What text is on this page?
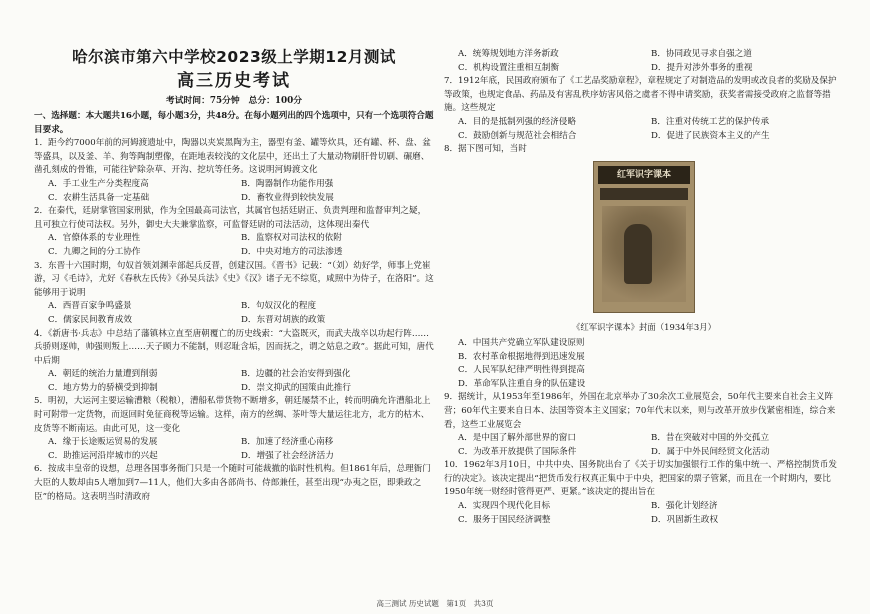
哈尔滨市第六中学校2023级上学期12月测试
高三历史考试
考试时间：75分钟　总分：100分
一、选择题：本大题共16小题，每小题3分，共48分。在每小题列出的四个选项中，只有一个选项符合题目要求。
1．距今约7000年前的河姆渡遗址中，陶器以夹炭黑陶为主，器型有釜、罐等炊具，还有罐、杯、盘、盆等盛具，以及釜、羊、狗等陶制塑像，在距地表较浅的文化层中，还出土了大量动物刷肝骨切刷、碾磨、凿孔刻成的骨锥，可能往铲除杂草、开沟、挖坑等任务。这说明河姆渡文化
A．手工业生产分类程度高	B．陶器制作功能作用强
C．农耕生活具备一定基础	D．畜牧业得到较快发展
2．在秦代，廷尉掌管国家刑狱，作为全国最高司法官，其属官包括廷尉正、负责判理和监督审判之疑，且可独立行使司法权。另外，御史大夫兼掌监察，可监督廷尉的司法活动，这体现出秦代
A．官僚体系的专业理性	B．监察权对司法权的依附
C．九卿之间的分工协作	D．中央对地方的司法渗透
3．东晋十六国时期，句奴首领刘渊幸部起兵反晋，创建汉国。《晋书》记载：“（刘）幼好学，师事上党崔游，习《毛诗》，尤好《春秋左氏传》《孙吴兵法》《史》《汉》诸子无不综览，咸照中为侍子，在洛阳”。这能够用于说明
A．西晋百家争鸣盛景	B．句奴汉化的程度
C．儒家民间教育成效	D．东晋对胡族的政策
4．《新唐书·兵志》中总结了藩镇林立直至唐朝覆亡的历史线索：“大盗既灭，而武夫战卒以功起行阵……兵骄则逐帅，帅强则叛上……天子顾力不能制，则忍耻含垢，因而抚之，谓之姑息之政”。据此可知，唐代中后期
A．朝廷的统治力量遭到削弱	B．边疆的社会治安得到强化
C．地方势力的骄横受到抑制	D．崇文抑武的国策由此推行
5．明初，大运河主要运输漕粮（税粮），漕船私带货物不断增多，朝廷屡禁不止，转而明确允许漕船北上时可附带一定货物，而返回时免征商税等运输。这样，南方的丝绸、茶叶等大量运往北方，北方的枯木、皮货等不断南运。由此可见，这一变化
A．缘于长途贩运贸易的发展	B．加速了经济重心南移
C．助推运河沿岸城市的兴起	D．增强了社会经济活力
6．按成丰皇帝的设想，总理各国事务衙门只是一个随时可能裁撤的临时性机构。但1861年后，总理衙门大臣的人数却由5人增加到7—11人，他们大多由各部尚书、侍郎兼任，甚至出现“办夷之臣，即秉政之臣”的格局。这表明当时清政府
A．统筹规划地方洋务新政	B．协同政见寻求自强之道
C．机构设置注重相互制衡	D．提升对涉外事务的重视
7．1912年底，民国政府颁布了《工艺品奖励章程》，章程规定了对制造品的发明或改良者的奖励及保护等政策，也规定食品、药品及有害乱秩序妨害风俗之虞者不得申请奖励，获奖者需接受政府之监督等措施。这些规定
A．目的是抵制列强的经济侵略	B．注重对传统工艺的保护传承
C．鼓励创新与规范社会相结合	D．促进了民族资本主义的产生
8．据下图可知，当时
红军识字课本
《红军识字课本》封面（1934年3月）
A．中国共产党确立军队建设原则
B．农村革命根据地得到迅速发展
C．人民军队纪律严明性得到提高
D．革命军队注重自身的队伍建设
9．据统计，从1953年至1986年，外国在北京举办了30余次工业展览会，50年代主要来自社会主义阵营；60年代主要来自日本、法国等资本主义国家；70年代末以来，则与改革开放步伐紧密相连，综合来看，这些工业展览会
A．是中国了解外部世界的窗口	B．昔在突破对中国的外交孤立
C．为改革开放提供了国际条件	D．属于中外民间经贸文化活动
10．1962年3月10日，中共中央、国务院出台了《关于切实加强银行工作的集中统一、严格控制货币发行的决定》。该决定提出“把货币发行权真正集中于中央，把国家的票子管紧，而且在一个时期内，要比1950年统一财经时管得更严、更紧。”该决定的提出旨在
A．实现四个现代化目标	B．强化计划经济
C．服务于国民经济调整	D．巩固新生政权
高三测试 历史试题　第1页　共3页
